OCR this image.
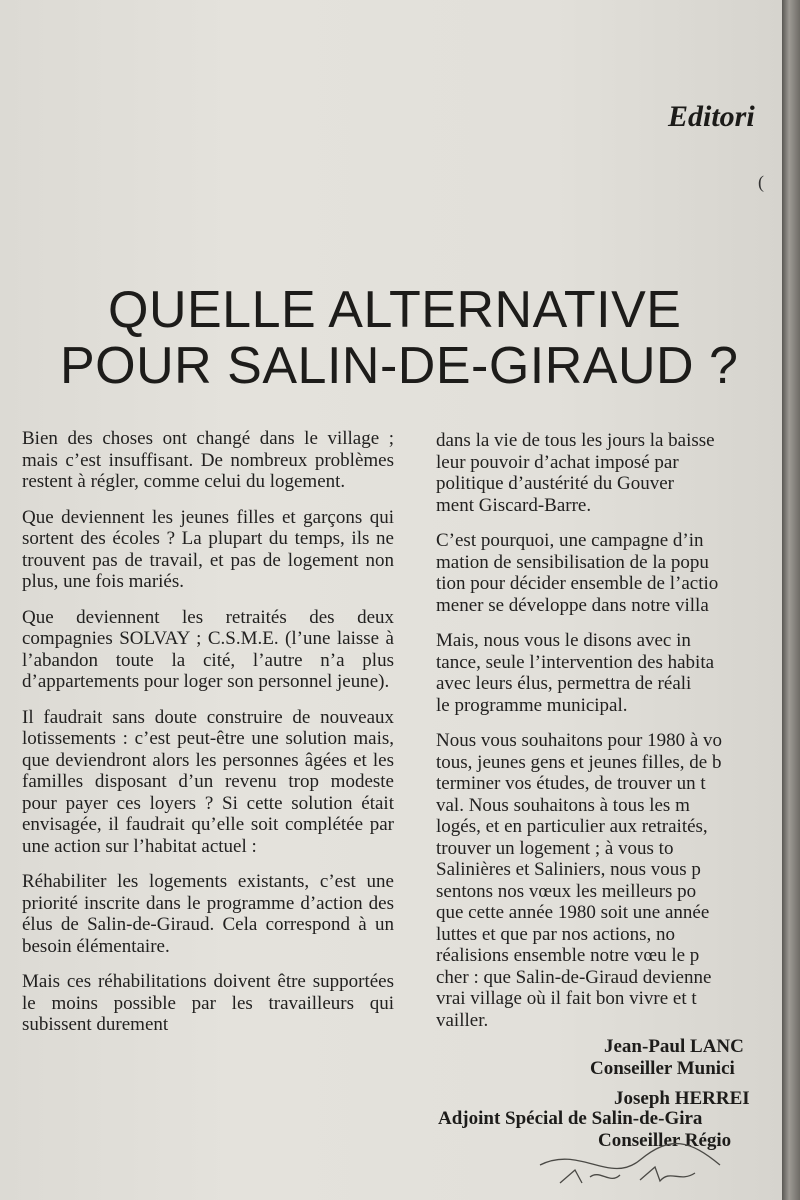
Editori
(
QUELLE ALTERNATIVE
POUR SALIN-DE-GIRAUD ?

Bien des choses ont changé dans le village ; mais c’est insuffisant. De nombreux problèmes restent à régler, comme celui du logement.

Que deviennent les jeunes filles et garçons qui sortent des écoles ? La plupart du temps, ils ne trouvent pas de travail, et pas de logement non plus, une fois mariés.

Que deviennent les retraités des deux compagnies SOLVAY ; C.S.M.E. (l’une laisse à l’abandon toute la cité, l’autre n’a plus d’appartements pour loger son personnel jeune).

Il faudrait sans doute construire de nouveaux lotissements : c’est peut-être une solution mais, que deviendront alors les personnes âgées et les familles disposant d’un revenu trop modeste pour payer ces loyers ? Si cette solution était envisagée, il faudrait qu’elle soit complétée par une action sur l’habitat actuel :

Réhabiliter les logements existants, c’est une priorité inscrite dans le programme d’action des élus de Salin-de-Giraud. Cela correspond à un besoin élémentaire.

Mais ces réhabilitations doivent être supportées le moins possible par les travailleurs qui subissent durement

dans la vie de tous les jours la baisse
leur pouvoir d’achat imposé par
politique d’austérité du Gouver
ment Giscard-Barre.

C’est pourquoi, une campagne d’in
mation de sensibilisation de la popu
tion pour décider ensemble de l’actio
mener se développe dans notre villa

Mais, nous vous le disons avec in
tance, seule l’intervention des habita
avec leurs élus, permettra de réali
le programme municipal.

Nous vous souhaitons pour 1980 à vo
tous, jeunes gens et jeunes filles, de b
terminer vos études, de trouver un t
val. Nous souhaitons à tous les m
logés, et en particulier aux retraités,
trouver un logement ; à vous to
Salinières et Saliniers, nous vous p
sentons nos vœux les meilleurs po
que cette année 1980 soit une année
luttes et que par nos actions, no
réalisions ensemble notre vœu le p
cher : que Salin-de-Giraud devienne
vrai village où il fait bon vivre et t
vailler.

Jean-Paul LANC
Conseiller Munici
Joseph HERREI
Adjoint Spécial de Salin-de-Gira
Conseiller Régio
